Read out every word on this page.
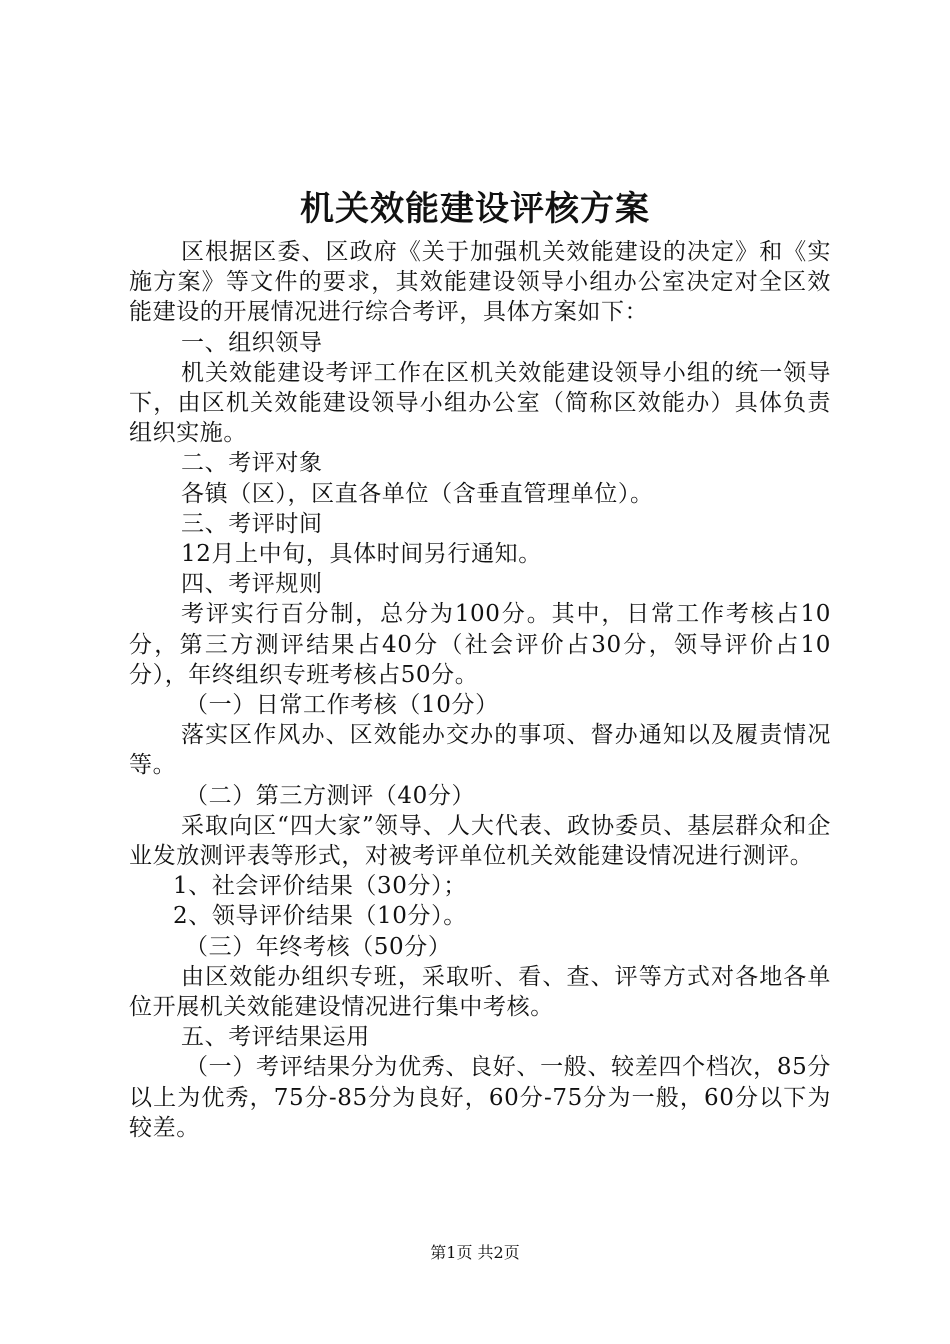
机关效能建设评核方案

区根据区委、区政府《关于加强机关效能建设的决定》和《实施方案》等文件的要求，其效能建设领导小组办公室决定对全区效能建设的开展情况进行综合考评，具体方案如下：

一、组织领导

机关效能建设考评工作在区机关效能建设领导小组的统一领导下，由区机关效能建设领导小组办公室（简称区效能办）具体负责组织实施。

二、考评对象

各镇（区），区直各单位（含垂直管理单位）。

三、考评时间

12月上中旬，具体时间另行通知。

四、考评规则

考评实行百分制，总分为100分。其中，日常工作考核占10分，第三方测评结果占40分（社会评价占30分，领导评价占10分），年终组织专班考核占50分。

（一）日常工作考核（10分）

落实区作风办、区效能办交办的事项、督办通知以及履责情况等。

（二）第三方测评（40分）

采取向区“四大家”领导、人大代表、政协委员、基层群众和企业发放测评表等形式，对被考评单位机关效能建设情况进行测评。

1、社会评价结果（30分）；

2、领导评价结果（10分）。

（三）年终考核（50分）

由区效能办组织专班，采取听、看、查、评等方式对各地各单位开展机关效能建设情况进行集中考核。

五、考评结果运用

（一）考评结果分为优秀、良好、一般、较差四个档次，85分以上为优秀，75分-85分为良好，60分-75分为一般，60分以下为较差。

第1页 共2页
